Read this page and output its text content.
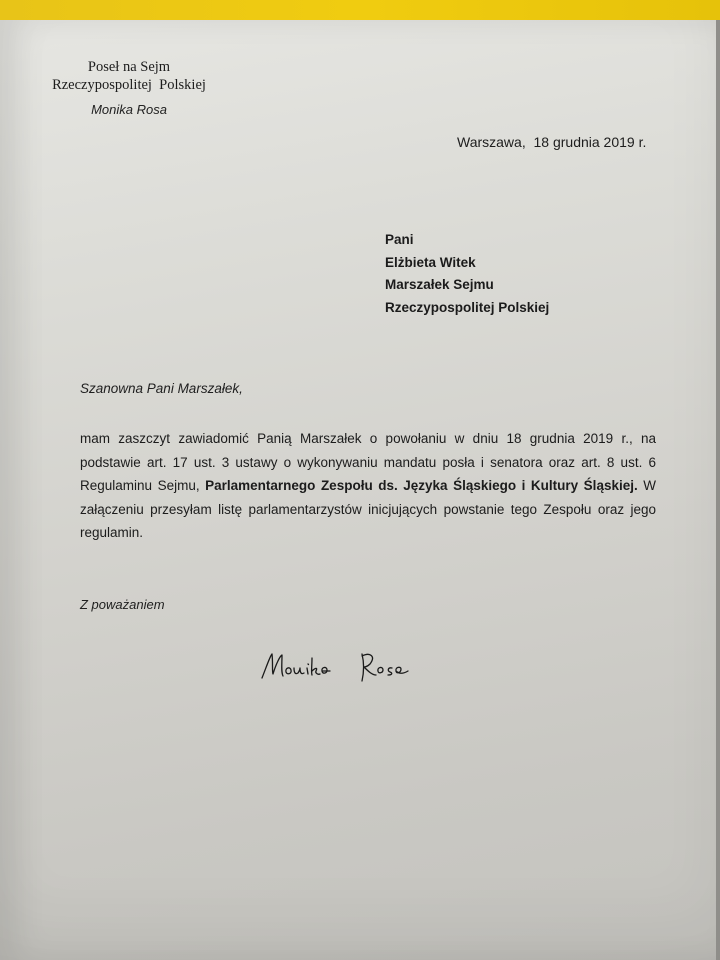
Poseł na Sejm
Rzeczypospolitej  Polskiej
Monika Rosa
Warszawa,  18 grudnia 2019 r.
Pani
Elżbieta Witek
Marszałek Sejmu
Rzeczypospolitej Polskiej
Szanowna Pani Marszałek,
mam zaszczyt zawiadomić Panią Marszałek o powołaniu w dniu 18 grudnia 2019 r., na podstawie art. 17 ust. 3 ustawy o wykonywaniu mandatu posła i senatora oraz art. 8 ust. 6 Regulaminu Sejmu, Parlamentarnego Zespołu ds. Języka Śląskiego i Kultury Śląskiej. W załączeniu przesyłam listę parlamentarzystów inicjujących powstanie tego Zespołu oraz jego regulamin.
Z poważaniem
